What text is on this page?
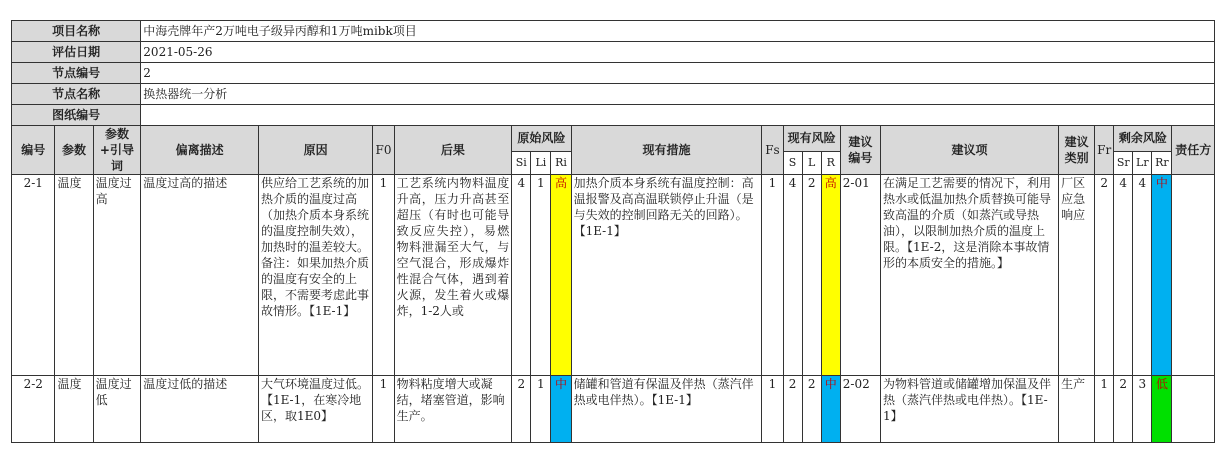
项目名称			中海壳牌年产2万吨电子级异丙醇和1万吨mibk项目																			
评估日期			2021-05-26																			
节点编号			2																			
节点名称			换热器统一分析																			
图纸编号																						
编号	参数	参数+引导词	偏离描述	原因	F0	后果	原始风险			现有措施	Fs	现有风险			建议编号	建议项	建议类别	Fr	剩余风险			责任方
							Si	Li	Ri			S	L	R					Sr	Lr	Rr	
2-1	温度	温度过高	温度过高的描述	供应给工艺系统的加热介质的温度过高（加热介质本身系统的温度控制失效），加热时的温差较大。备注：如果加热介质的温度有安全的上限，不需要考虑此事故情形。【1E-1】	1	工艺系统内物料温度升高，压力升高甚至超压（有时也可能导致反应失控），易燃物料泄漏至大气，与空气混合，形成爆炸性混合气体，遇到着火源，发生着火或爆炸，1-2人或	4	1	高	加热介质本身系统有温度控制：高温报警及高高温联锁停止升温（是与失效的控制回路无关的回路）。【1E-1】	1	4	2	高	2-01	在满足工艺需要的情况下，利用热水或低温加热介质替换可能导致高温的介质（如蒸汽或导热油），以限制加热介质的温度上限。【1E-2，这是消除本事故情形的本质安全的措施。】	厂区应急响应	2	4	4	中	
2-2	温度	温度过低	温度过低的描述	大气环境温度过低。【1E-1，在寒冷地区，取1E0】	1	物料粘度增大或凝结，堵塞管道，影响生产。	2	1	中	储罐和管道有保温及伴热（蒸汽伴热或电伴热）。【1E-1】	1	2	2	中	2-02	为物料管道或储罐增加保温及伴热（蒸汽伴热或电伴热）。【1E-1】	生产	1	2	3	低	
